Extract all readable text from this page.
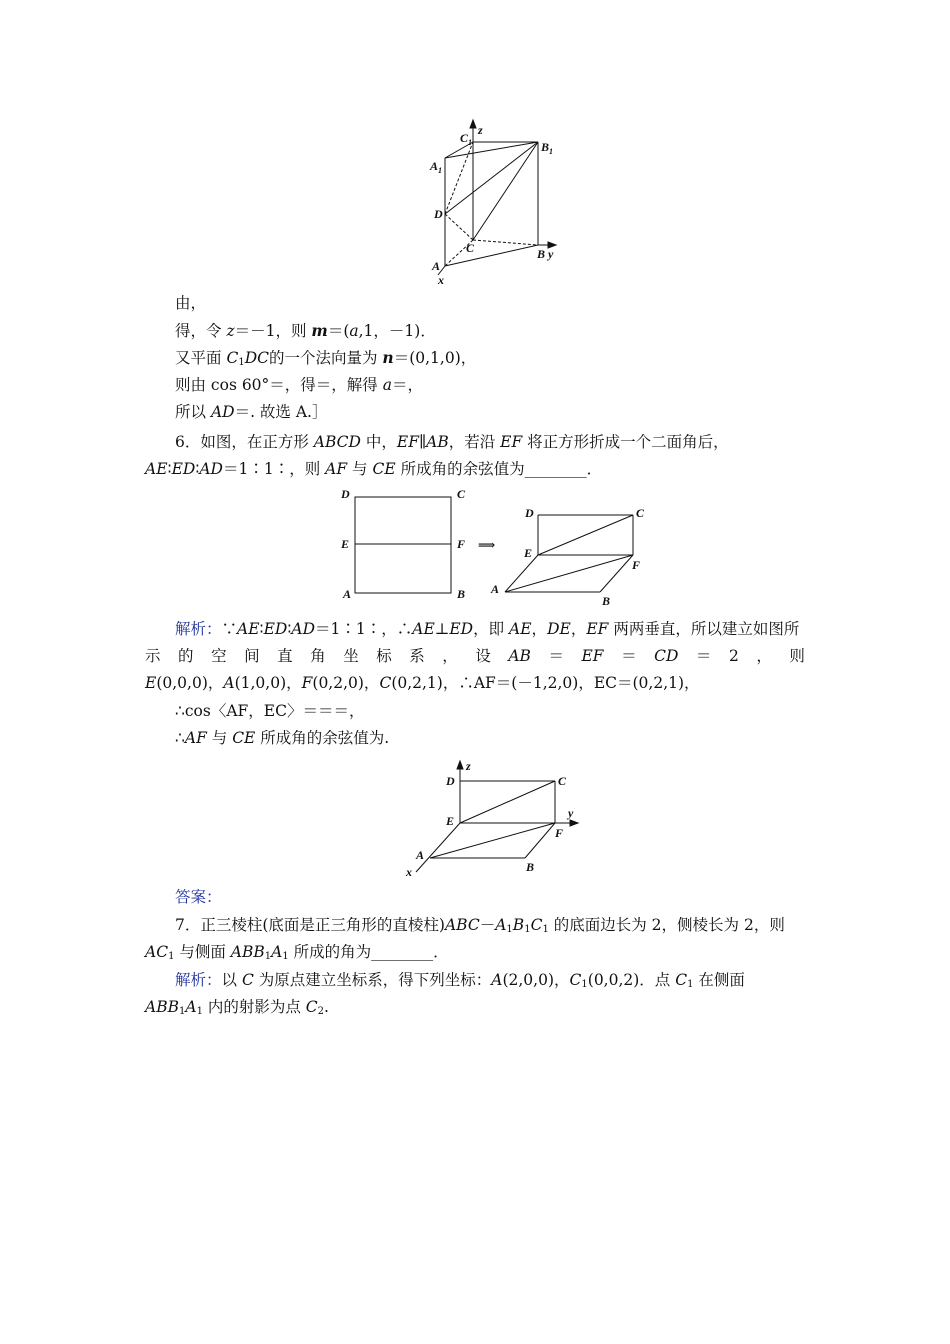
$C_1$
z
$B_1$
$A_1$
D
C	B y
A
x
由，
得，令 z＝－1，则 m＝(a,1，－1)．
又平面 $C_1DC$的一个法向量为 n＝(0,1,0)，
则由 cos 60°＝，得＝，解得 a＝，
所以 AD＝. 故选 A.］
6．如图，在正方形 ABCD 中，EF∥AB，若沿 EF 将正方形折成一个二面角后，
AE∶ED∶AD＝1∶1∶，则 AF 与 CE 所成角的余弦值为________．
D	C
E	F
A	B
⟹
D	C
E
F
A
B
解析：∵AE∶ED∶AD＝1∶1∶，∴AE⊥ED，即 AE，DE，EF 两两垂直，所以建立如图所
示 的 空 间 直 角 坐 标 系 ， 设 AB ＝ EF ＝ CD ＝ 2 ， 则
E(0,0,0)，A(1,0,0)，F(0,2,0)，C(0,2,1)，∴AF＝(－1,2,0)，EC＝(0,2,1)，
∴cos〈AF，EC〉＝＝＝，
∴AF 与 CE 所成角的余弦值为.
z
D	C
y
E
F
A
B
x
答案：
7．正三棱柱(底面是正三角形的直棱柱)$ABC-A_1B_1C_1$ 的底面边长为 2，侧棱长为 2，则
$AC_1$ 与侧面 $ABB_1A_1$ 所成的角为________．
解析：以 C 为原点建立坐标系，得下列坐标：A(2,0,0)，$C_1(0,0,2)$．点 $C_1$ 在侧面
$ABB_1A_1$ 内的射影为点 $C_2$.
